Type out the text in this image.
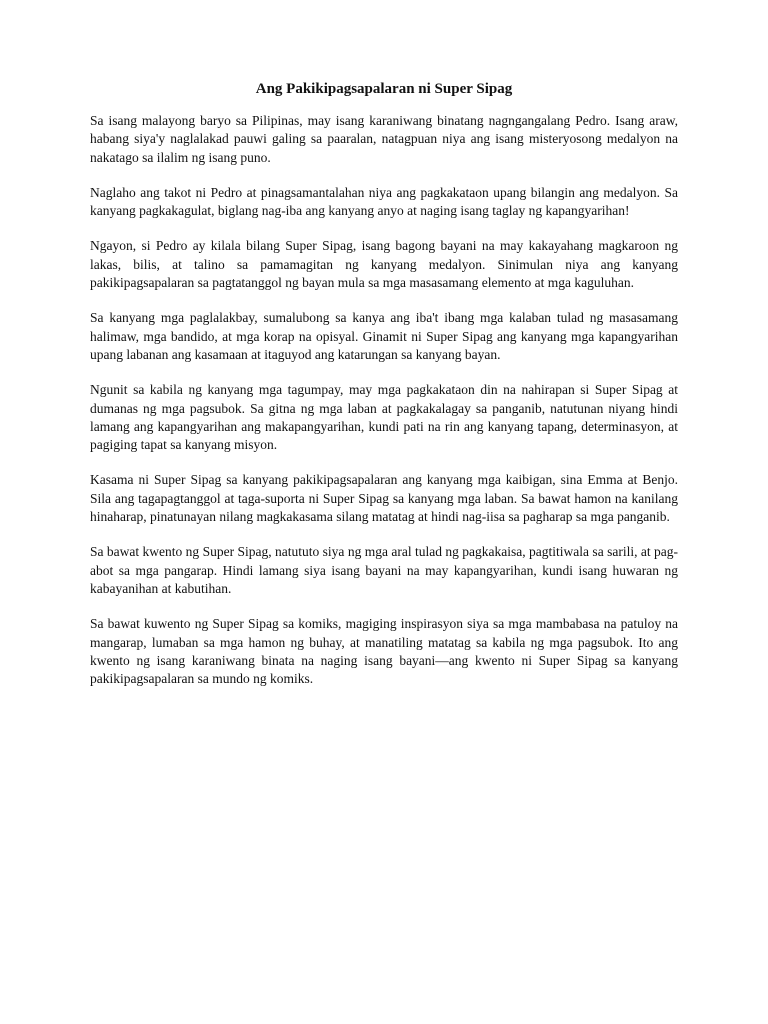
Ang Pakikipagsapalaran ni Super Sipag

Sa isang malayong baryo sa Pilipinas, may isang karaniwang binatang nagngangalang Pedro. Isang araw, habang siya'y naglalakad pauwi galing sa paaralan, natagpuan niya ang isang misteryosong medalyon na nakatago sa ilalim ng isang puno.

Naglaho ang takot ni Pedro at pinagsamantalahan niya ang pagkakataon upang bilangin ang medalyon. Sa kanyang pagkakagulat, biglang nag-iba ang kanyang anyo at naging isang taglay ng kapangyarihan!

Ngayon, si Pedro ay kilala bilang Super Sipag, isang bagong bayani na may kakayahang magkaroon ng lakas, bilis, at talino sa pamamagitan ng kanyang medalyon. Sinimulan niya ang kanyang pakikipagsapalaran sa pagtatanggol ng bayan mula sa mga masasamang elemento at mga kaguluhan.

Sa kanyang mga paglalakbay, sumalubong sa kanya ang iba't ibang mga kalaban tulad ng masasamang halimaw, mga bandido, at mga korap na opisyal. Ginamit ni Super Sipag ang kanyang mga kapangyarihan upang labanan ang kasamaan at itaguyod ang katarungan sa kanyang bayan.

Ngunit sa kabila ng kanyang mga tagumpay, may mga pagkakataon din na nahirapan si Super Sipag at dumanas ng mga pagsubok. Sa gitna ng mga laban at pagkakalagay sa panganib, natutunan niyang hindi lamang ang kapangyarihan ang makapangyarihan, kundi pati na rin ang kanyang tapang, determinasyon, at pagiging tapat sa kanyang misyon.

Kasama ni Super Sipag sa kanyang pakikipagsapalaran ang kanyang mga kaibigan, sina Emma at Benjo. Sila ang tagapagtanggol at taga-suporta ni Super Sipag sa kanyang mga laban. Sa bawat hamon na kanilang hinaharap, pinatunayan nilang magkakasama silang matatag at hindi nag-iisa sa pagharap sa mga panganib.

Sa bawat kwento ng Super Sipag, natututo siya ng mga aral tulad ng pagkakaisa, pagtitiwala sa sarili, at pag-abot sa mga pangarap. Hindi lamang siya isang bayani na may kapangyarihan, kundi isang huwaran ng kabayanihan at kabutihan.

Sa bawat kuwento ng Super Sipag sa komiks, magiging inspirasyon siya sa mga mambabasa na patuloy na mangarap, lumaban sa mga hamon ng buhay, at manatiling matatag sa kabila ng mga pagsubok. Ito ang kwento ng isang karaniwang binata na naging isang bayani—ang kwento ni Super Sipag sa kanyang pakikipagsapalaran sa mundo ng komiks.
